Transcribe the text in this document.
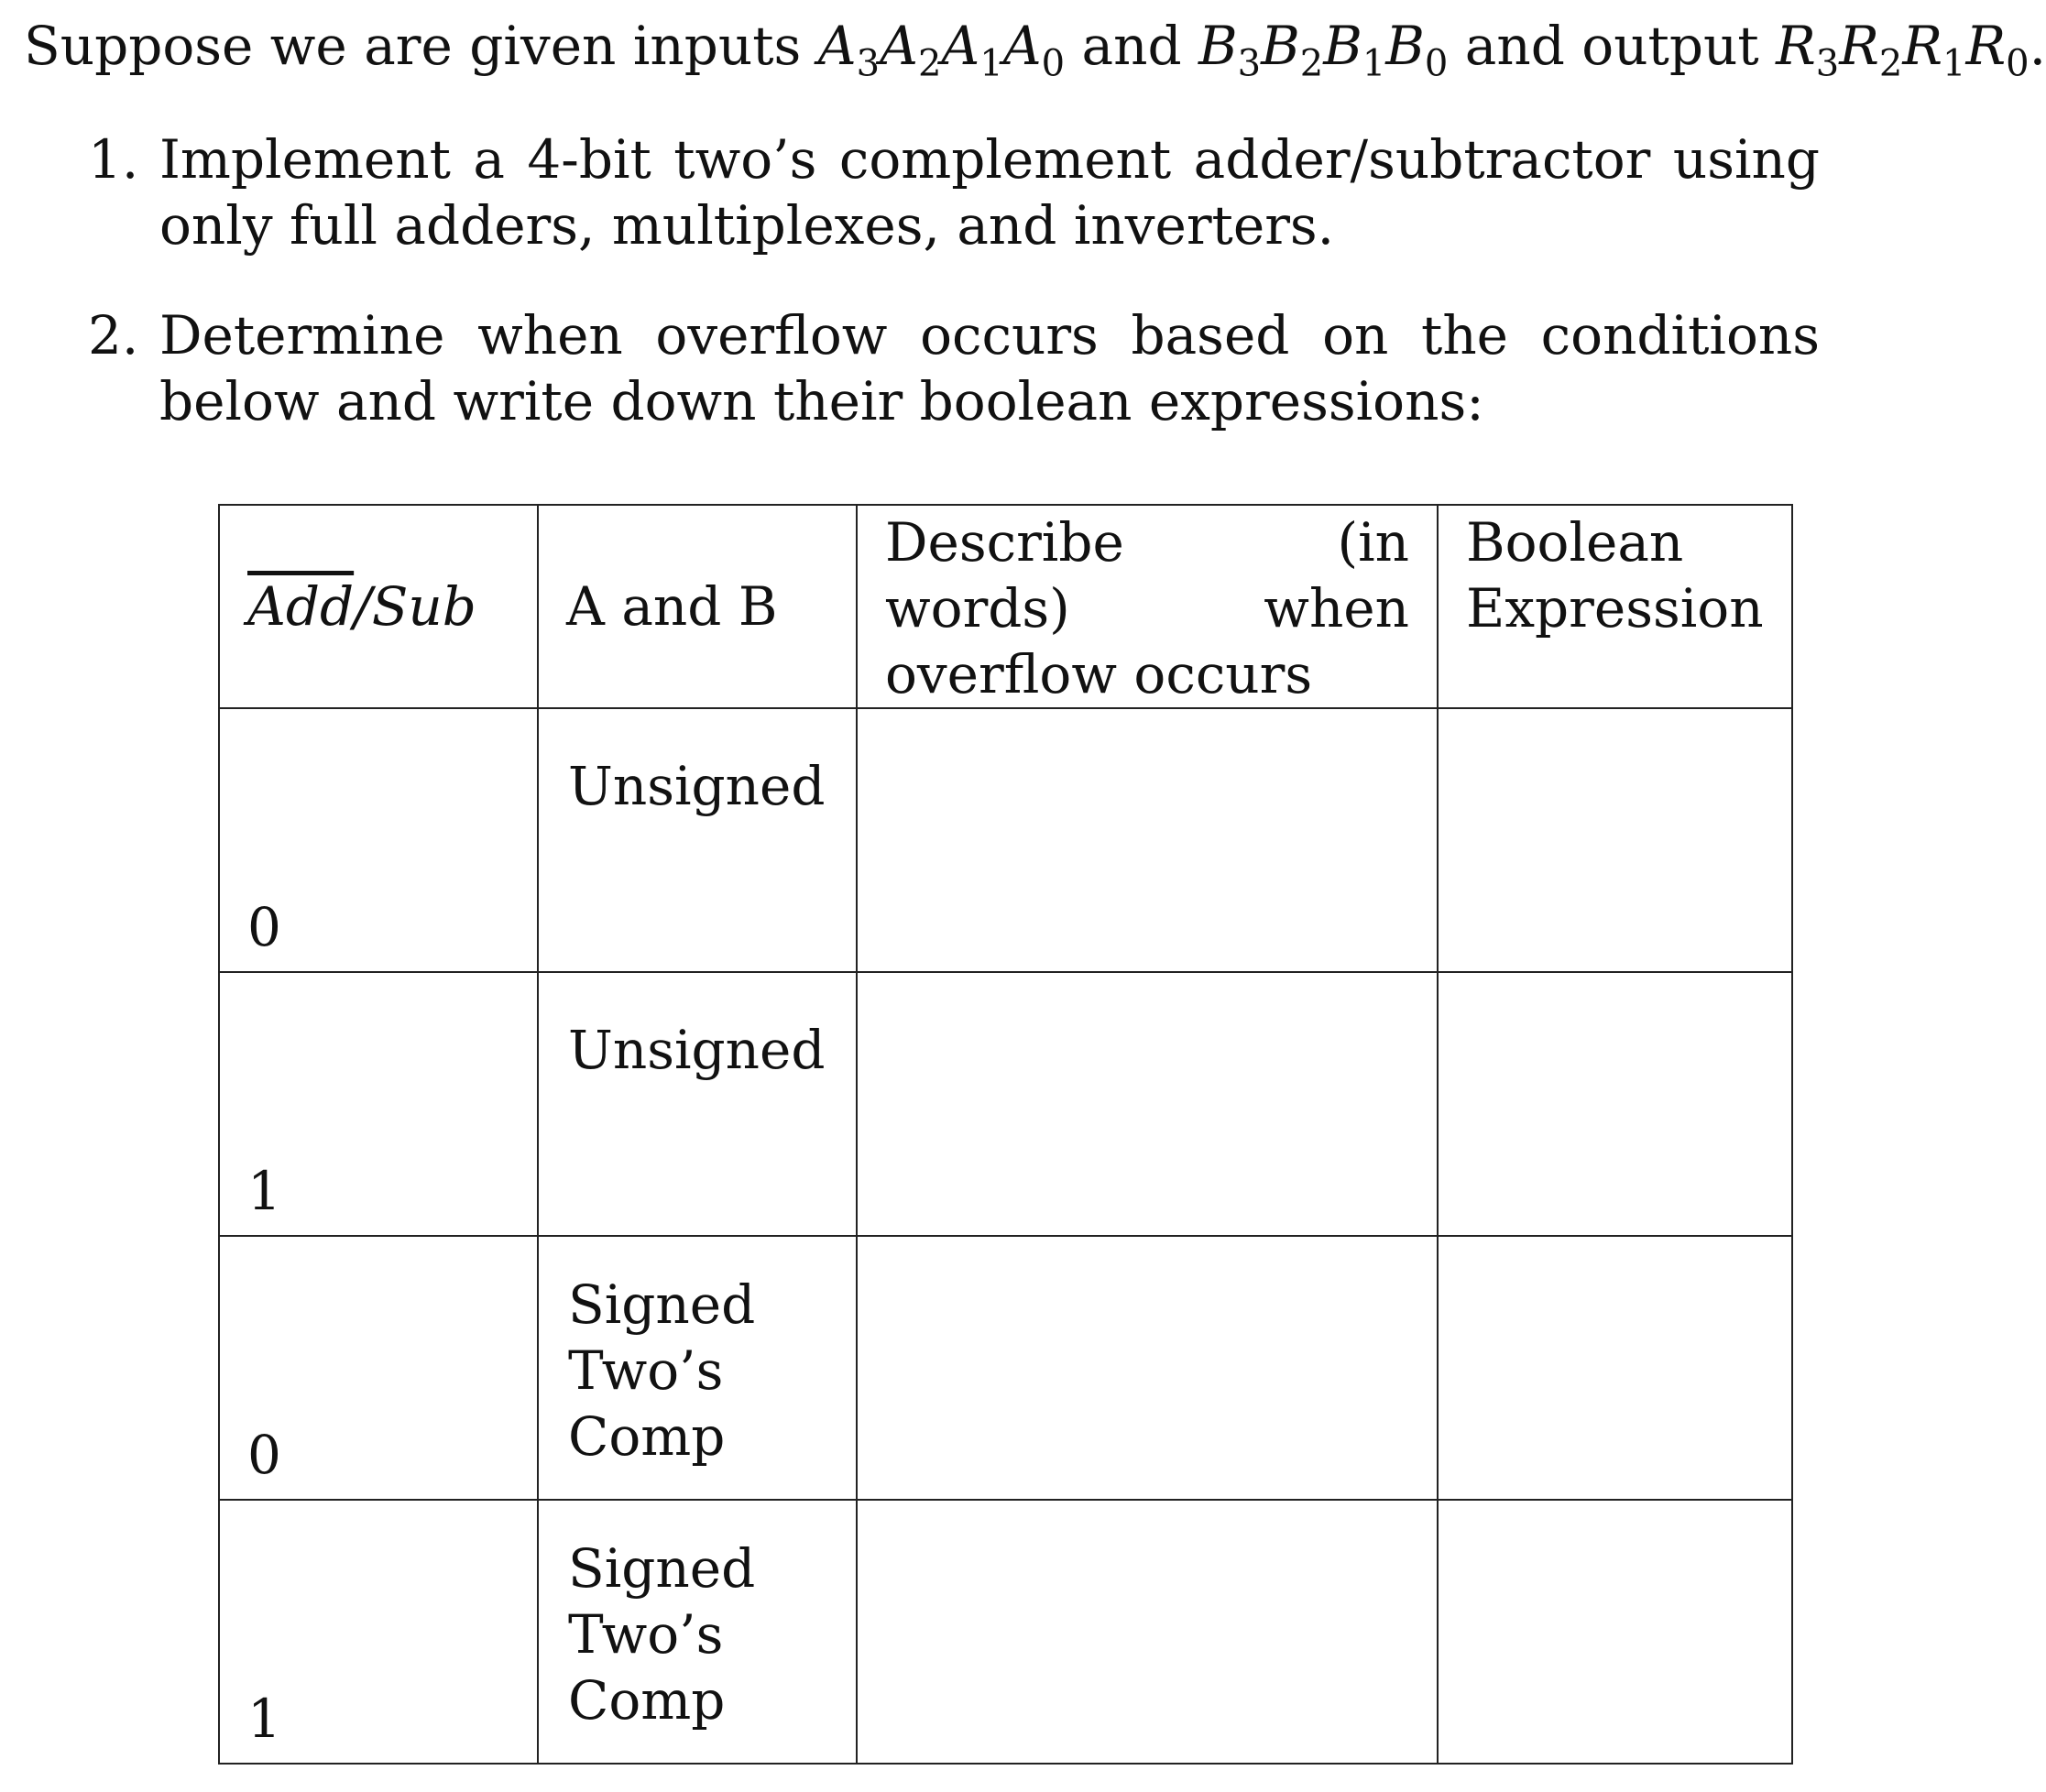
Suppose we are given inputs $A_3A_2A_1A_0$ and $B_3B_2B_1B_0$ and output $R_3R_2R_1R_0$.
1. Implement a 4-bit two’s complement adder/subtractor using only full adders, multiplexes, and inverters.
2. Determine when overflow occurs based on the conditions below and write down their boolean expressions:
$\overline{Add}$/Sub	A and B	Describe (in words) when overflow occurs	Boolean Expression

0	Unsigned		

1	Unsigned		

0	Signed
Two’s
Comp		

1	Signed
Two’s
Comp		
